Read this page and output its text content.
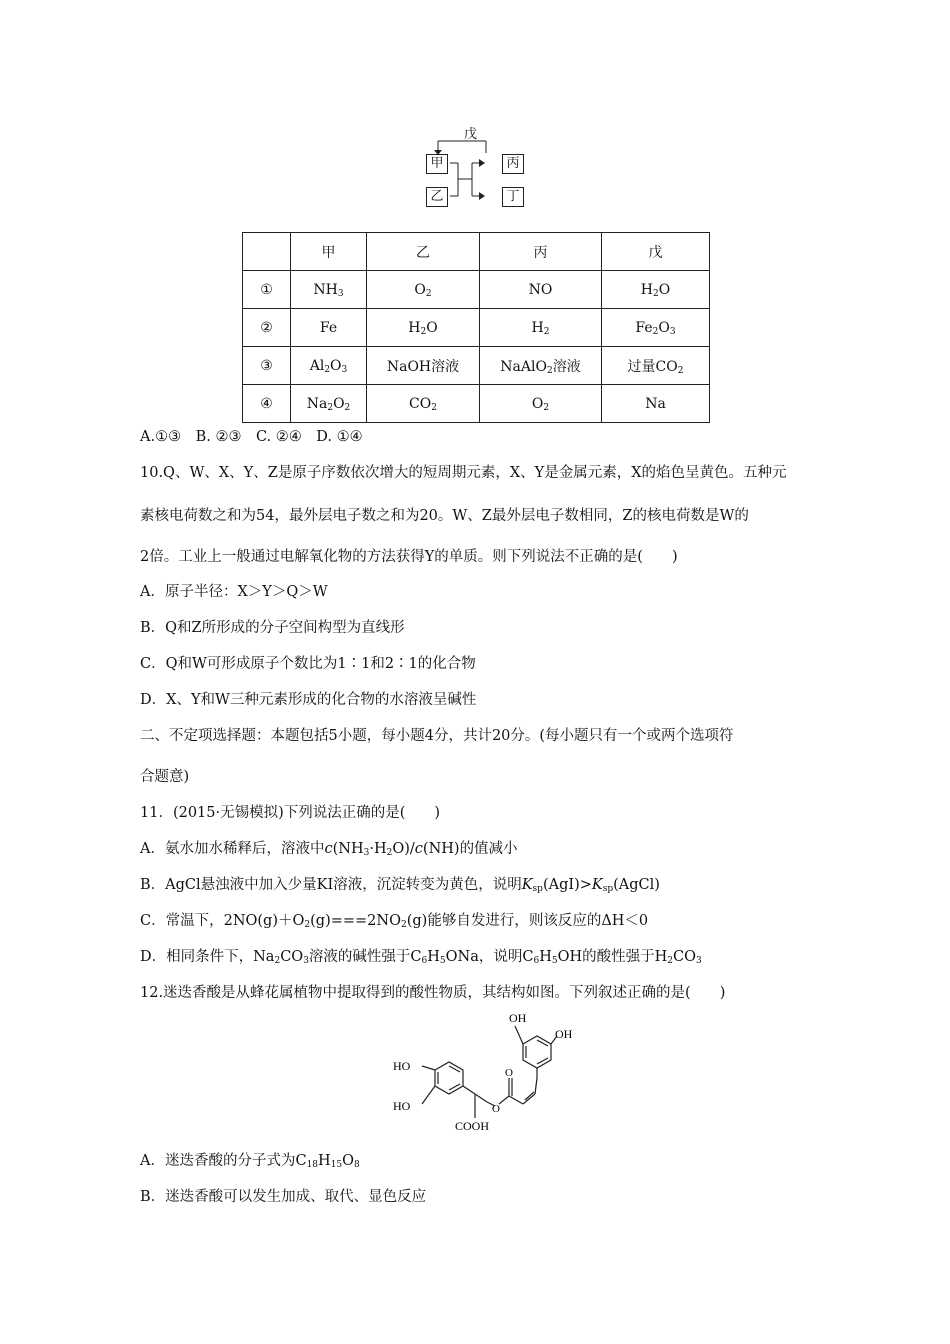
戊
甲
乙
丙
丁
	甲	乙	丙	戊
①	$NH_3$	$O_2$	NO	$H_2O$
②	Fe	$H_2O$	$H_2$	$Fe_2O_3$
③	$Al_2O_3$	NaOH溶液	NaAlO$_2$溶液	过量$CO_2$
④	$Na_2O_2$	$CO_2$	$O_2$	Na
A.①③　B. ②③　C. ②④　D. ①④
10.Q、W、X、Y、Z是原子序数依次增大的短周期元素，X、Y是金属元素，X的焰色呈黄色。五种元
素核电荷数之和为54，最外层电子数之和为20。W、Z最外层电子数相同，Z的核电荷数是W的
2倍。工业上一般通过电解氧化物的方法获得Y的单质。则下列说法不正确的是(　　)
A．原子半径：X＞Y＞Q＞W
B．Q和Z所形成的分子空间构型为直线形
C．Q和W可形成原子个数比为1∶1和2∶1的化合物
D．X、Y和W三种元素形成的化合物的水溶液呈碱性
二、不定项选择题：本题包括5小题，每小题4分，共计20分。(每小题只有一个或两个选项符
合题意)
11．(2015·无锡模拟)下列说法正确的是(　　)
A．氨水加水稀释后，溶液中$c(NH_3\cdot H_2O)/c(NH)$的值减小
B．AgCl悬浊液中加入少量KI溶液，沉淀转变为黄色，说明$K_{sp}(AgI)>K_{sp}(AgCl)$
C．常温下，$2NO(g)+O_2(g)===2NO_2(g)$能够自发进行，则该反应的ΔH＜0
D．相同条件下，$Na_2CO_3$溶液的碱性强于$C_6H_5ONa$，说明$C_6H_5OH$的酸性强于$H_2CO_3$
12.迷迭香酸是从蜂花属植物中提取得到的酸性物质，其结构如图。下列叙述正确的是(　　)
HO
HO
COOH
O
O
OH
OH
A．迷迭香酸的分子式为$C_{18}H_{15}O_8$
B．迷迭香酸可以发生加成、取代、显色反应
